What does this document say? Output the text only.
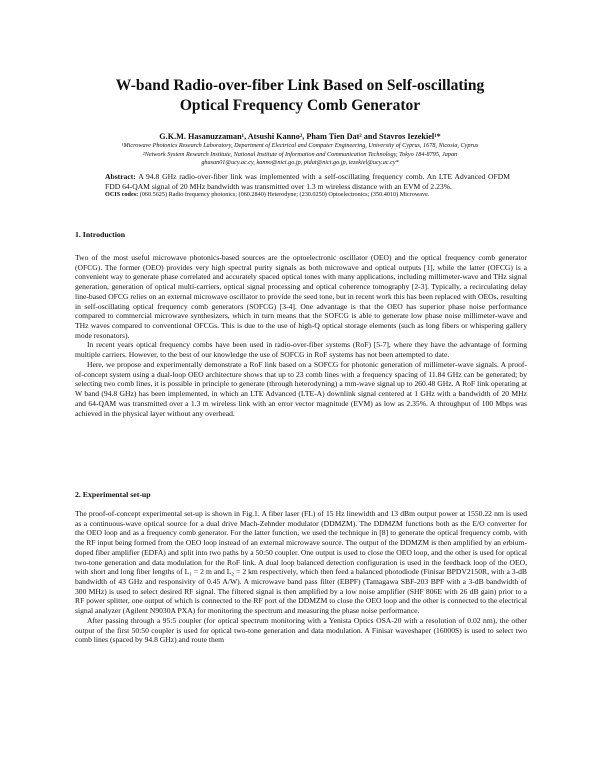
W-band Radio-over-fiber Link Based on Self-oscillating
Optical Frequency Comb Generator
G.K.M. Hasanuzzaman¹, Atsushi Kanno², Pham Tien Dat² and Stavros Iezekiel¹*
¹Microwave Photonics Research Laboratory, Department of Electrical and Computer Engineering, University of Cyprus, 1678, Nicosia, Cyprus
²Network System Research Institute, National Institute of Information and Communication Technology, Tokyo 184-8795, Japan
ghasan01@ucy.ac.cy, kanno@nict.go.jp, ptdat@nict.go.jp, iezekiel@ucy.ac.cy*
Abstract: A 94.8 GHz radio-over-fiber link was implemented with a self-oscillating frequency comb. An LTE Advanced OFDM FDD 64-QAM signal of 20 MHz bandwidth was transmitted over 1.3 m wireless distance with an EVM of 2.23%.
OCIS codes: (060.5625) Radio frequency photonics; (060.2840) Heterodyne; (230.0250) Optoelectronics; (350.4010) Microwave.
1. Introduction

Two of the most useful microwave photonics-based sources are the optoelectronic oscillator (OEO) and the optical frequency comb generator (OFCG). The former (OEO) provides very high spectral purity signals as both microwave and optical outputs [1], while the latter (OFCG) is a convenient way to generate phase correlated and accurately spaced optical tones with many applications, including millimeter-wave and THz signal generation, generation of optical multi-carriers, optical signal processing and optical coherence tomography [2-3]. Typically, a recirculating delay line-based OFCG relies on an external microwave oscillator to provide the seed tone, but in recent work this has been replaced with OEOs, resulting in self-oscillating optical frequency comb generators (SOFCG) [3-4]. One advantage is that the OEO has superior phase noise performance compared to commercial microwave synthesizers, which in turn means that the SOFCG is able to generate low phase noise millimeter-wave and THz waves compared to conventional OFCGs. This is due to the use of high-Q optical storage elements (such as long fibers or whispering gallery mode resonators).

In recent years optical frequency combs have been used in radio-over-fiber systems (RoF) [5-7], where they have the advantage of forming multiple carriers. However, to the best of our knowledge the use of SOFCG in RoF systems has not been attempted to date.

Here, we propose and experimentally demonstrate a RoF link based on a SOFCG for photonic generation of millimeter-wave signals. A proof-of-concept system using a dual-loop OEO architecture shows that up to 23 comb lines with a frequency spacing of 11.84 GHz can be generated; by selecting two comb lines, it is possible in principle to generate (through heterodyning) a mm-wave signal up to 260.48 GHz. A RoF link operating at W band (94.8 GHz) has been implemented, in which an LTE Advanced (LTE-A) downlink signal centered at 1 GHz with a bandwidth of 20 MHz and 64-QAM was transmitted over a 1.3 m wireless link with an error vector magnitude (EVM) as low as 2.35%. A throughput of 100 Mbps was achieved in the physical layer without any overhead.

2. Experimental set-up

The proof-of-concept experimental set-up is shown in Fig.1. A fiber laser (FL) of 15 Hz linewidth and 13 dBm output power at 1550.22 nm is used as a continuous-wave optical source for a dual drive Mach-Zehnder modulator (DDMZM). The DDMZM functions both as the E/O converter for the OEO loop and as a frequency comb generator. For the latter function, we used the technique in [8] to generate the optical frequency comb, with the RF input being formed from the OEO loop instead of an external microwave source. The output of the DDMZM is then amplified by an erbium-doped fiber amplifier (EDFA) and split into two paths by a 50:50 coupler. One output is used to close the OEO loop, and the other is used for optical two-tone generation and data modulation for the RoF link. A dual loop balanced detection configuration is used in the feedback loop of the OEO, with short and long fiber lengths of L₁ = 2 m and L₂ = 2 km respectively, which then feed a balanced photodiode (Finisar BPDV2150R, with a 3-dB bandwidth of 43 GHz and responsivity of 0.45 A/W). A microwave band pass filter (EBPF) (Tamagawa SBF-203 BPF with a 3-dB bandwidth of 300 MHz) is used to select desired RF signal. The filtered signal is then amplified by a low noise amplifier (SHF 806E with 26 dB gain) prior to a RF power splitter, one output of which is connected to the RF port of the DDMZM to close the OEO loop and the other is connected to the electrical signal analyzer (Agilent N9030A PXA) for monitoring the spectrum and measuring the phase noise performance.

After passing through a 95:5 coupler (for optical spectrum monitoring with a Yenista Optics OSA-20 with a resolution of 0.02 nm), the other output of the first 50:50 coupler is used for optical two-tone generation and data modulation. A Finisar waveshaper (16000S) is used to select two comb lines (spaced by 94.8 GHz) and route them
